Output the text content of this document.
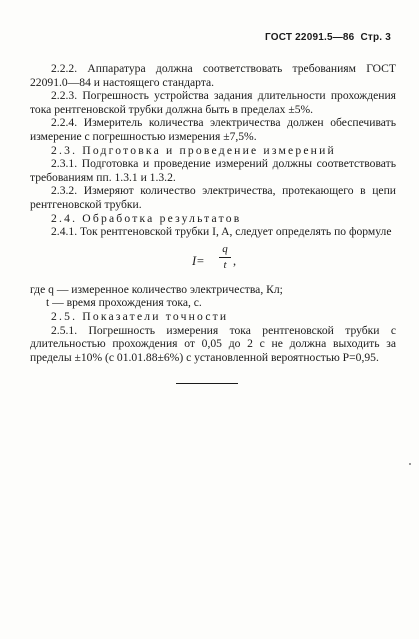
ГОСТ 22091.5—86 Стр. 3

2.2.2. Аппаратура должна соответствовать требованиям ГОСТ 22091.0—84 и настоящего стандарта.

2.2.3. Погрешность устройства задания длительности прохождения тока рентгеновской трубки должна быть в пределах ±5%.

2.2.4. Измеритель количества электричества должен обеспечивать измерение с погрешностью измерения ±7,5%.

2.3. Подготовка и проведение измерений

2.3.1. Подготовка и проведение измерений должны соответствовать требованиям пп. 1.3.1 и 1.3.2.

2.3.2. Измеряют количество электричества, протекающего в цепи рентгеновской трубки.

2.4. Обработка результатов

2.4.1. Ток рентгеновской трубки I, A, следует определять по формуле

I=
q
t ,

где q — измеренное количество электричества, Кл;

t — время прохождения тока, с.

2.5. Показатели точности

2.5.1. Погрешность измерения тока рентгеновской трубки с длительностью прохождения от 0,05 до 2 с не должна выходить за пределы ±10% (с 01.01.88±6%) с установленной вероятностью P=0,95.
